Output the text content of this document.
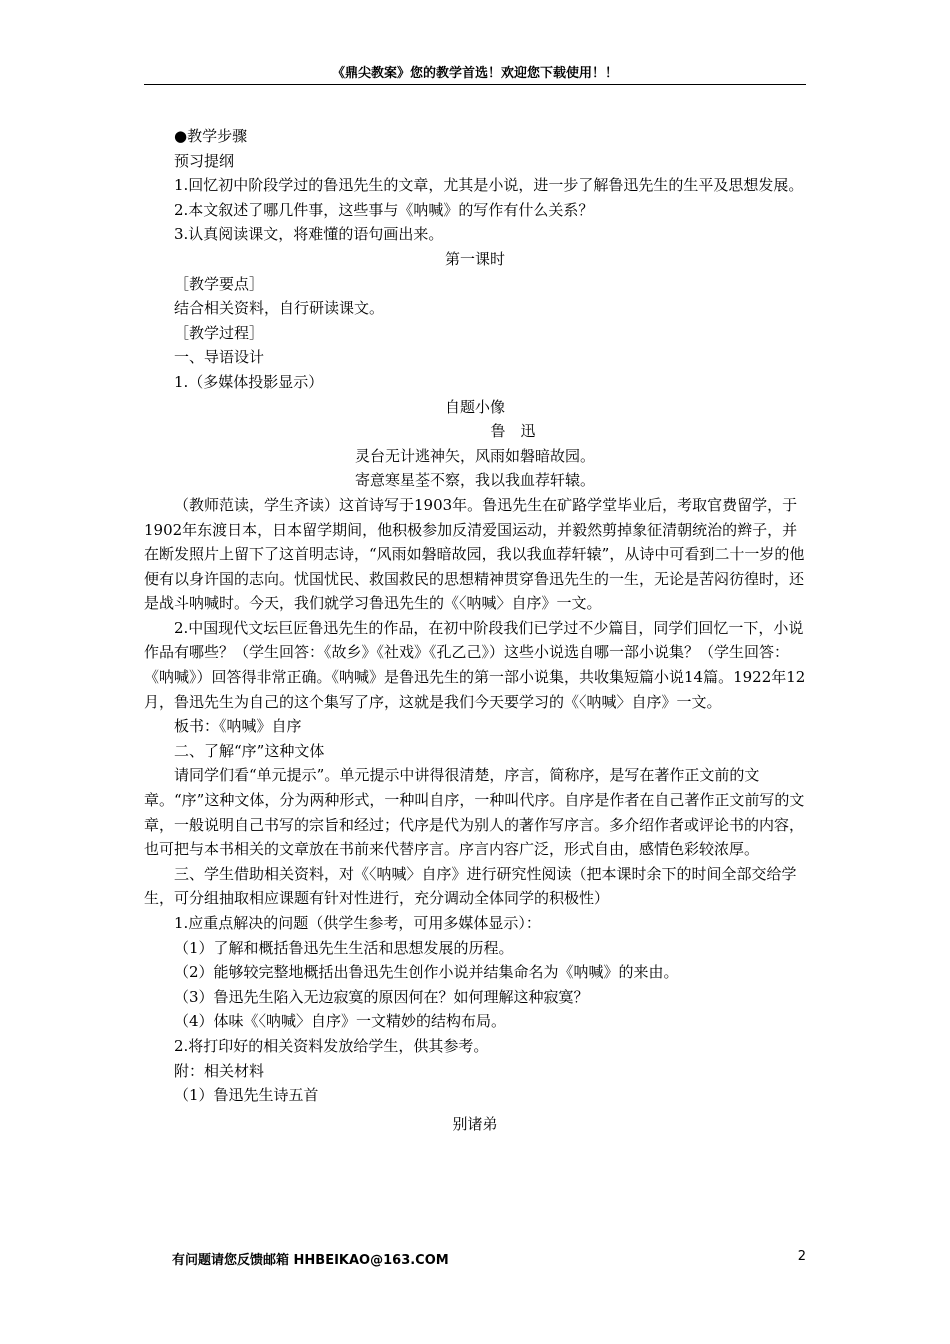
《鼎尖教案》您的教学首选！欢迎您下载使用！！

●教学步骤

预习提纲

1.回忆初中阶段学过的鲁迅先生的文章，尤其是小说，进一步了解鲁迅先生的生平及思想发展。

2.本文叙述了哪几件事，这些事与《呐喊》的写作有什么关系？

3.认真阅读课文，将难懂的语句画出来。

第一课时

［教学要点］

结合相关资料，自行研读课文。

［教学过程］

一、导语设计

1.（多媒体投影显示）

自题小像

鲁　迅

灵台无计逃神矢，风雨如磐暗故园。

寄意寒星荃不察，我以我血荐轩辕。

（教师范读，学生齐读）这首诗写于1903年。鲁迅先生在矿路学堂毕业后，考取官费留学，于1902年东渡日本，日本留学期间，他积极参加反清爱国运动，并毅然剪掉象征清朝统治的辫子，并在断发照片上留下了这首明志诗，“风雨如磐暗故园，我以我血荐轩辕”，从诗中可看到二十一岁的他便有以身许国的志向。忧国忧民、救国救民的思想精神贯穿鲁迅先生的一生，无论是苦闷彷徨时，还是战斗呐喊时。今天，我们就学习鲁迅先生的《〈呐喊〉自序》一文。

2.中国现代文坛巨匠鲁迅先生的作品，在初中阶段我们已学过不少篇目，同学们回忆一下，小说作品有哪些？（学生回答：《故乡》《社戏》《孔乙己》）这些小说选自哪一部小说集？（学生回答：《呐喊》）回答得非常正确。《呐喊》是鲁迅先生的第一部小说集，共收集短篇小说14篇。1922年12月，鲁迅先生为自己的这个集写了序，这就是我们今天要学习的《〈呐喊〉自序》一文。

板书：《呐喊》自序

二、了解“序”这种文体

请同学们看“单元提示”。单元提示中讲得很清楚，序言，简称序，是写在著作正文前的文章。“序”这种文体，分为两种形式，一种叫自序，一种叫代序。自序是作者在自己著作正文前写的文章，一般说明自己书写的宗旨和经过；代序是代为别人的著作写序言。多介绍作者或评论书的内容，也可把与本书相关的文章放在书前来代替序言。序言内容广泛，形式自由，感情色彩较浓厚。

三、学生借助相关资料，对《〈呐喊〉自序》进行研究性阅读（把本课时余下的时间全部交给学生，可分组抽取相应课题有针对性进行，充分调动全体同学的积极性）

1.应重点解决的问题（供学生参考，可用多媒体显示）：

（1）了解和概括鲁迅先生生活和思想发展的历程。

（2）能够较完整地概括出鲁迅先生创作小说并结集命名为《呐喊》的来由。

（3）鲁迅先生陷入无边寂寞的原因何在？如何理解这种寂寞？

（4）体味《〈呐喊〉自序》一文精妙的结构布局。

2.将打印好的相关资料发放给学生，供其参考。

附：相关材料

（1）鲁迅先生诗五首

别诸弟

有问题请您反馈邮箱 HHBEIKAO@163.COM	2
